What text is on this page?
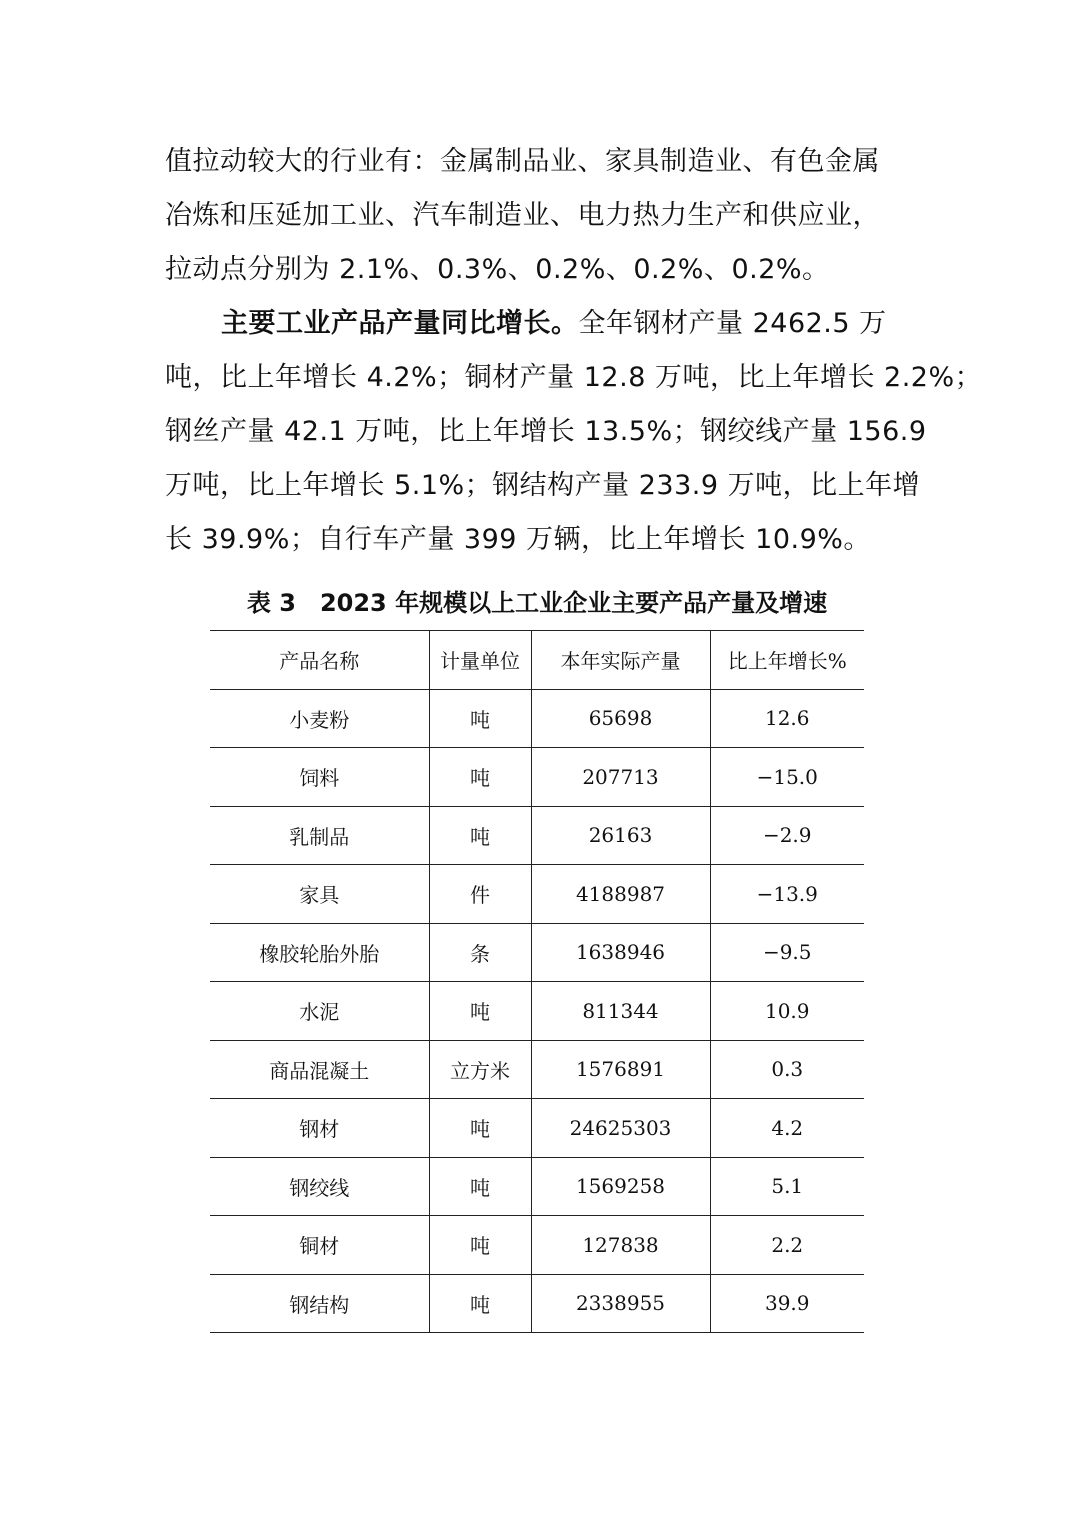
值拉动较大的行业有：金属制品业、家具制造业、有色金属
冶炼和压延加工业、汽车制造业、电力热力生产和供应业，
拉动点分别为 2.1%、0.3%、0.2%、0.2%、0.2%。
主要工业产品产量同比增长。全年钢材产量 2462.5 万
吨，比上年增长 4.2%；铜材产量 12.8 万吨，比上年增长 2.2%；
钢丝产量 42.1 万吨，比上年增长 13.5%；钢绞线产量 156.9
万吨，比上年增长 5.1%；钢结构产量 233.9 万吨，比上年增
长 39.9%；自行车产量 399 万辆，比上年增长 10.9%。
表 3　2023 年规模以上工业企业主要产品产量及增速
产品名称	计量单位	本年实际产量	比上年增长%
小麦粉	吨	65698	12.6
饲料	吨	207713	−15.0
乳制品	吨	26163	−2.9
家具	件	4188987	−13.9
橡胶轮胎外胎	条	1638946	−9.5
水泥	吨	811344	10.9
商品混凝土	立方米	1576891	0.3
钢材	吨	24625303	4.2
钢绞线	吨	1569258	5.1
铜材	吨	127838	2.2
钢结构	吨	2338955	39.9
